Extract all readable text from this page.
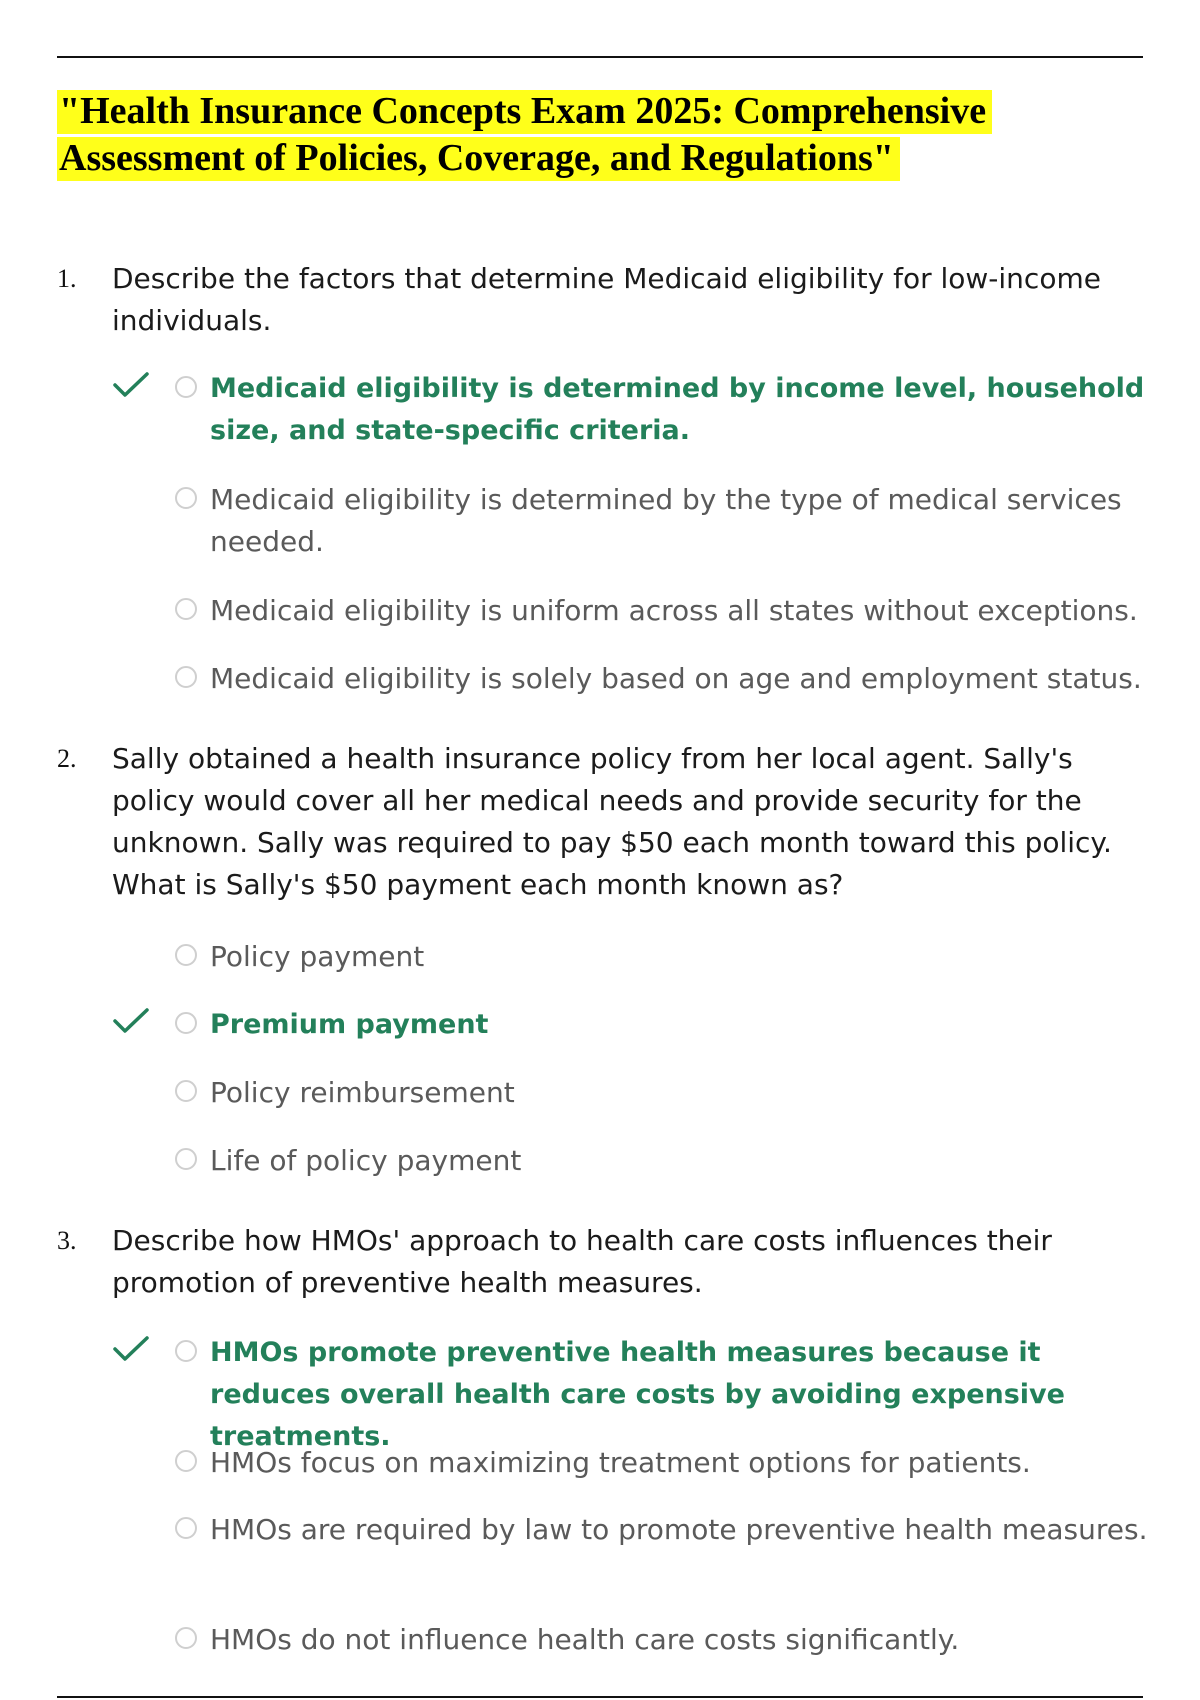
"Health Insurance Concepts Exam 2025: Comprehensive
Assessment of Policies, Coverage, and Regulations"
1. Describe the factors that determine Medicaid eligibility for low-income individuals.
Medicaid eligibility is determined by income level, household size, and state-specific criteria.
Medicaid eligibility is determined by the type of medical services needed.
Medicaid eligibility is uniform across all states without exceptions.
Medicaid eligibility is solely based on age and employment status.
2. Sally obtained a health insurance policy from her local agent. Sally's policy would cover all her medical needs and provide security for the unknown. Sally was required to pay $50 each month toward this policy. What is Sally's $50 payment each month known as?
Policy payment
Premium payment
Policy reimbursement
Life of policy payment
3. Describe how HMOs' approach to health care costs influences their promotion of preventive health measures.
HMOs promote preventive health measures because it reduces overall health care costs by avoiding expensive treatments.
HMOs focus on maximizing treatment options for patients.
HMOs are required by law to promote preventive health measures.
HMOs do not influence health care costs significantly.
